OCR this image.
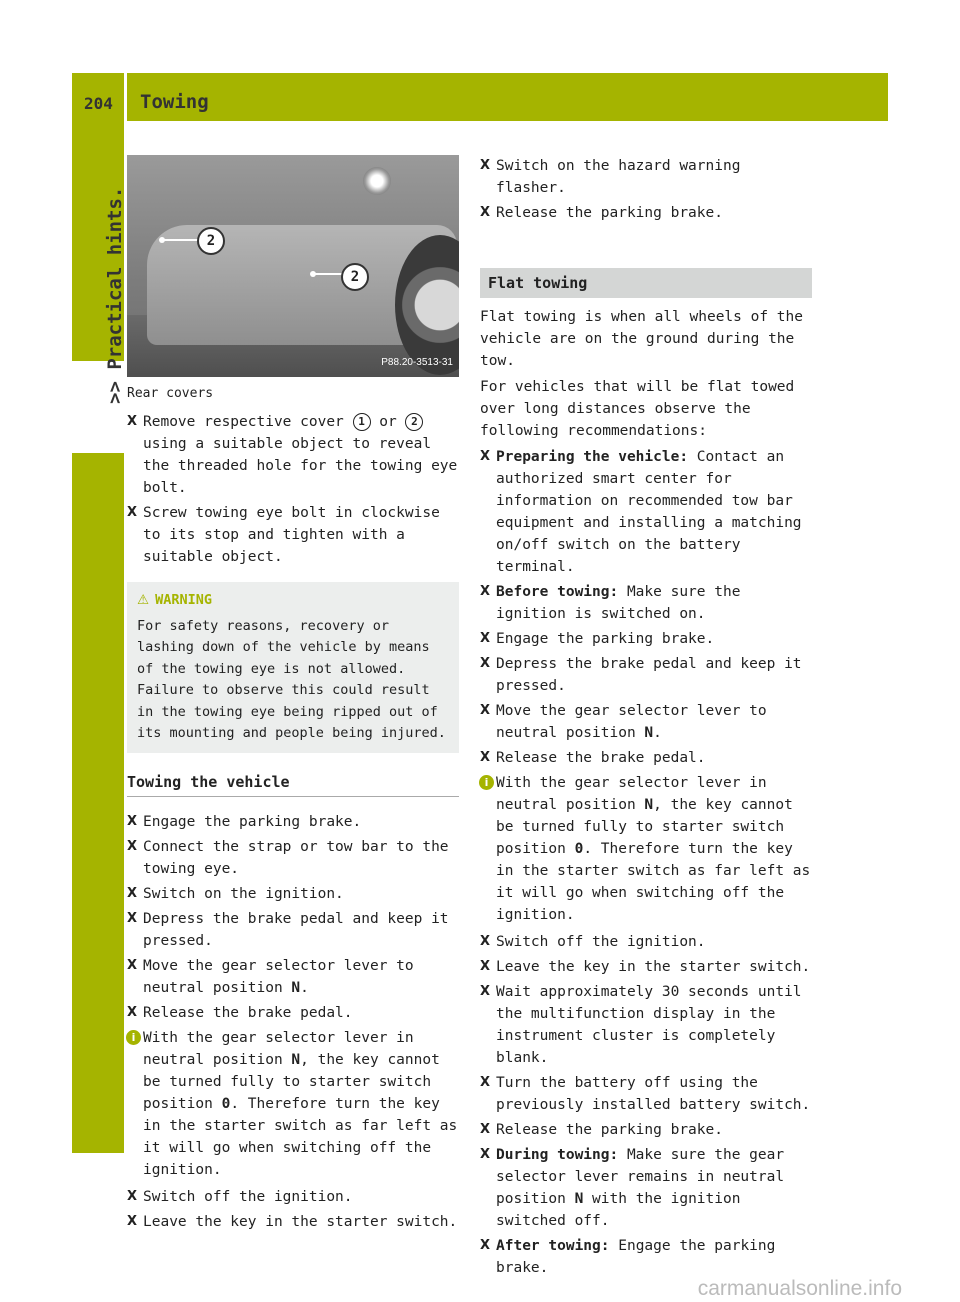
204 Towing
>> Practical hints.	2
2
P88.20-3513-31
Rear covers
X Remove respective cover 1 or 2 using a suitable object to reveal the threaded hole for the towing eye bolt.
X Screw towing eye bolt in clockwise to its stop and tighten with a suitable object.
⚠ WARNING
For safety reasons, recovery or lashing down of the vehicle by means of the towing eye is not allowed. Failure to observe this could result in the towing eye being ripped out of its mounting and people being injured.
Towing the vehicle
X Engage the parking brake.
X Connect the strap or tow bar to the towing eye.
X Switch on the ignition.
X Depress the brake pedal and keep it pressed.
X Move the gear selector lever to neutral position N.
X Release the brake pedal.
i With the gear selector lever in neutral position N, the key cannot be turned fully to starter switch position 0. Therefore turn the key in the starter switch as far left as it will go when switching off the ignition.
X Switch off the ignition.
X Leave the key in the starter switch.
X Switch on the hazard warning flasher.
X Release the parking brake.
Flat towing
Flat towing is when all wheels of the vehicle are on the ground during the tow.
For vehicles that will be flat towed over long distances observe the following recommendations:
X Preparing the vehicle: Contact an authorized smart center for information on recommended tow bar equipment and installing a matching on/off switch on the battery terminal.
X Before towing: Make sure the ignition is switched on.
X Engage the parking brake.
X Depress the brake pedal and keep it pressed.
X Move the gear selector lever to neutral position N.
X Release the brake pedal.
i With the gear selector lever in neutral position N, the key cannot be turned fully to starter switch position 0. Therefore turn the key in the starter switch as far left as it will go when switching off the ignition.
X Switch off the ignition.
X Leave the key in the starter switch.
X Wait approximately 30 seconds until the multifunction display in the instrument cluster is completely blank.
X Turn the battery off using the previously installed battery switch.
X Release the parking brake.
X During towing: Make sure the gear selector lever remains in neutral position N with the ignition switched off.
X After towing: Engage the parking brake.
carmanualsonline.info
